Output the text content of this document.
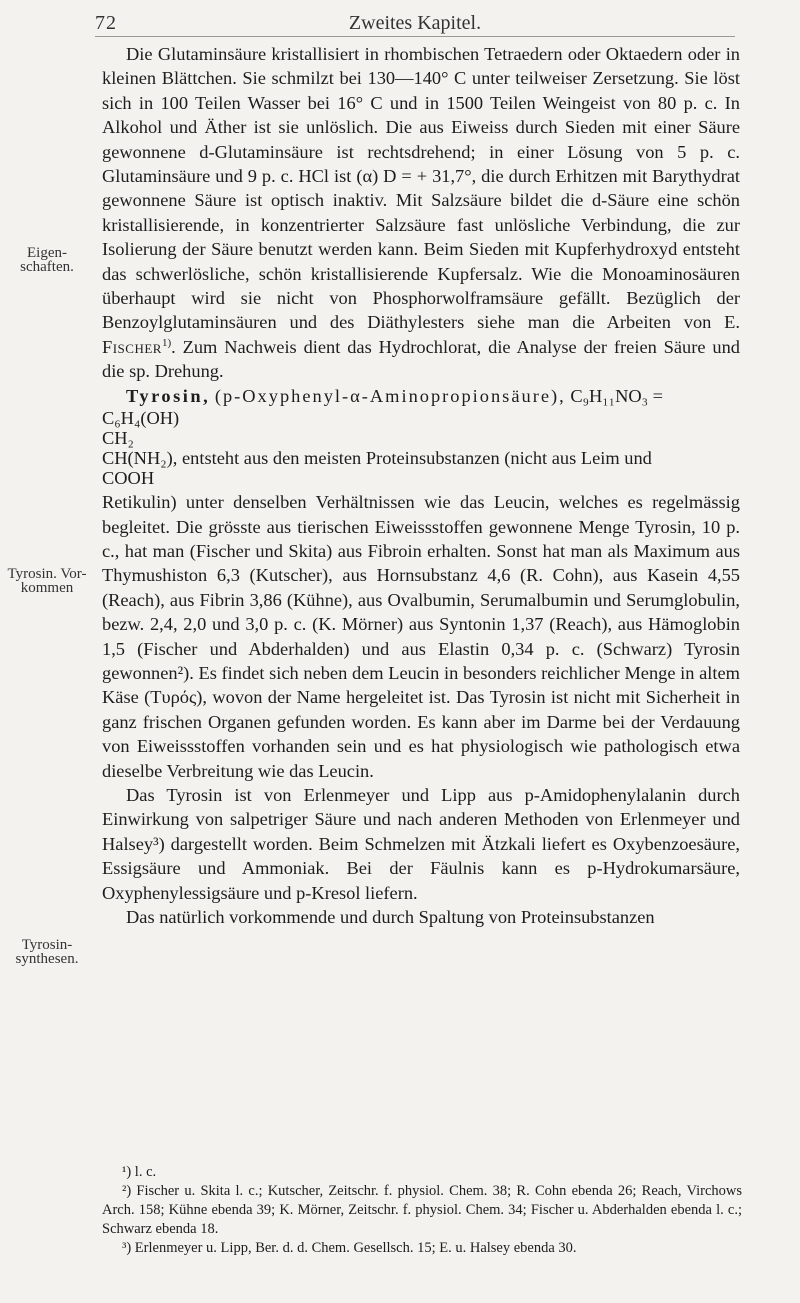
72	Zweites Kapitel.
Eigen-schaften.
Tyrosin. Vor-kommen
Tyrosin-synthesen.

Die Glutaminsäure kristallisiert in rhombischen Tetraedern oder Oktaedern oder in kleinen Blättchen. Sie schmilzt bei 130—140° C unter teilweiser Zersetzung. Sie löst sich in 100 Teilen Wasser bei 16° C und in 1500 Teilen Weingeist von 80 p. c. In Alkohol und Äther ist sie unlöslich. Die aus Eiweiss durch Sieden mit einer Säure gewonnene d-Glutaminsäure ist rechtsdrehend; in einer Lösung von 5 p. c. Glutaminsäure und 9 p. c. HCl ist (α) D = + 31,7°, die durch Erhitzen mit Barythydrat gewonnene Säure ist optisch inaktiv. Mit Salzsäure bildet die d-Säure eine schön kristallisierende, in konzentrierter Salzsäure fast unlösliche Verbindung, die zur Isolierung der Säure benutzt werden kann. Beim Sieden mit Kupferhydroxyd entsteht das schwerlösliche, schön kristallisierende Kupfersalz. Wie die Monoaminosäuren überhaupt wird sie nicht von Phosphorwolframsäure gefällt. Bezüglich der Benzoylglutaminsäuren und des Diäthylesters siehe man die Arbeiten von E. Fischer$^{1)}$. Zum Nachweis dient das Hydrochlorat, die Analyse der freien Säure und die sp. Drehung.

Tyrosin, (p-Oxyphenyl-α-Aminopropionsäure), C₉H₁₁NO₃ =

C₆H₄(OH)
CH₂
CH(NH₂), entsteht aus den meisten Proteinsubstanzen (nicht aus Leim und
COOH

Retikulin) unter denselben Verhältnissen wie das Leucin, welches es regelmässig begleitet. Die grösste aus tierischen Eiweissstoffen gewonnene Menge Tyrosin, 10 p. c., hat man (Fischer und Skita) aus Fibroin erhalten. Sonst hat man als Maximum aus Thymushiston 6,3 (Kutscher), aus Hornsubstanz 4,6 (R. Cohn), aus Kasein 4,55 (Reach), aus Fibrin 3,86 (Kühne), aus Ovalbumin, Serumalbumin und Serumglobulin, bezw. 2,4, 2,0 und 3,0 p. c. (K. Mörner) aus Syntonin 1,37 (Reach), aus Hämoglobin 1,5 (Fischer und Abderhalden) und aus Elastin 0,34 p. c. (Schwarz) Tyrosin gewonnen²). Es findet sich neben dem Leucin in besonders reichlicher Menge in altem Käse (Τυρός), wovon der Name hergeleitet ist. Das Tyrosin ist nicht mit Sicherheit in ganz frischen Organen gefunden worden. Es kann aber im Darme bei der Verdauung von Eiweissstoffen vorhanden sein und es hat physiologisch wie pathologisch etwa dieselbe Verbreitung wie das Leucin.

Das Tyrosin ist von Erlenmeyer und Lipp aus p-Amidophenylalanin durch Einwirkung von salpetriger Säure und nach anderen Methoden von Erlenmeyer und Halsey³) dargestellt worden. Beim Schmelzen mit Ätzkali liefert es Oxybenzoesäure, Essigsäure und Ammoniak. Bei der Fäulnis kann es p-Hydrokumarsäure, Oxyphenylessigsäure und p-Kresol liefern.

Das natürlich vorkommende und durch Spaltung von Proteinsubstanzen

¹) l. c.

²) Fischer u. Skita l. c.; Kutscher, Zeitschr. f. physiol. Chem. 38; R. Cohn ebenda 26; Reach, Virchows Arch. 158; Kühne ebenda 39; K. Mörner, Zeitschr. f. physiol. Chem. 34; Fischer u. Abderhalden ebenda l. c.; Schwarz ebenda 18.

³) Erlenmeyer u. Lipp, Ber. d. d. Chem. Gesellsch. 15; E. u. Halsey ebenda 30.
